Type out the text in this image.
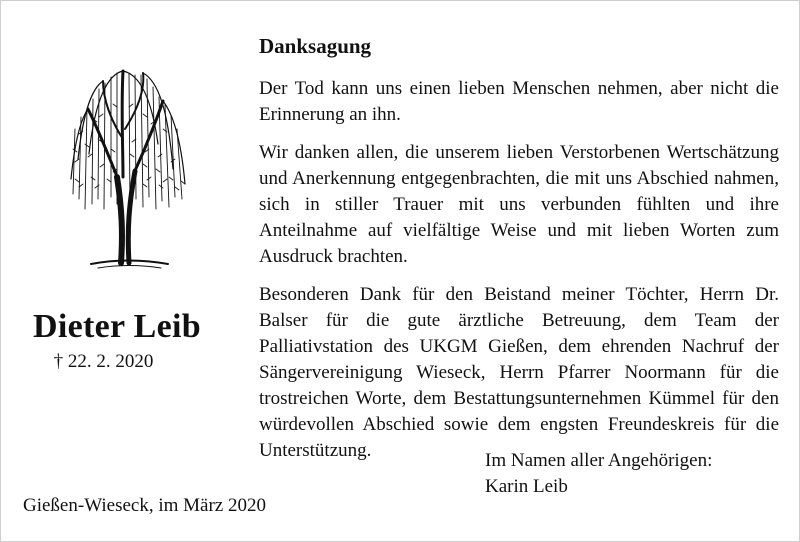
Dieter Leib
† 22. 2. 2020
Danksagung

Der Tod kann uns einen lieben Menschen nehmen, aber nicht die Erinnerung an ihn.

Wir danken allen, die unserem lieben Verstorbenen Wertschätzung und Anerkennung entgegenbrachten, die mit uns Abschied nahmen, sich in stiller Trauer mit uns verbunden fühlten und ihre Anteilnahme auf vielfältige Weise und mit lieben Worten zum Ausdruck brachten.

Besonderen Dank für den Beistand meiner Töchter, Herrn Dr. Balser für die gute ärztliche Betreuung, dem Team der Palliativstation des UKGM Gießen, dem ehrenden Nachruf der Sängervereinigung Wieseck, Herrn Pfarrer Noormann für die trostreichen Worte, dem Bestattungsunternehmen Kümmel für den würdevollen Abschied sowie dem engsten Freundeskreis für die Unterstützung.	Im Namen aller Angehörigen:
Karin Leib
Gießen-Wieseck, im März 2020
